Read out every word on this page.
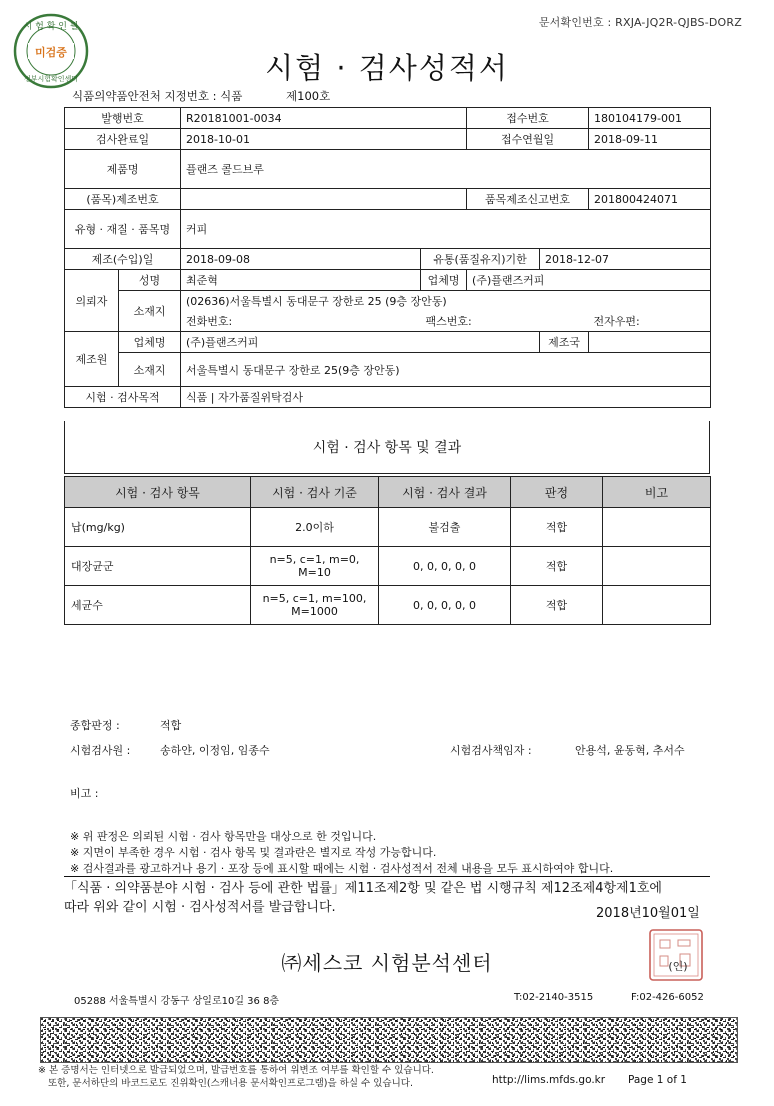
문서확인번호 : RXJA-JQ2R-QJBS-DORZ
미검증
시 험 확 인 필
정부시험확인센터	시험 · 검사성적서
식품의약품안전처 지정번호 : 식품	제100호
발행번호		R20181001-0034		접수번호		180104179-001
검사완료일		2018-10-01		접수연월일		2018-09-11
제품명		플랜즈 콜드브루				
(품목)제조번호				품목제조신고번호		201800424071
유형 · 재질 · 품목명		커피				
제조(수입)일		2018-09-08	유통(품질유지)기한		2018-12-07	
의뢰자	성명	최준혁	업체명	(주)플랜즈커피		
	소재지	(02636)서울특별시 동대문구 장한로 25 (9층 장안동)				
		전화번호:	팩스번호:			전자우편:
제조원	업체명	(주)플랜즈커피			제조국	
	소재지	서울특별시 동대문구 장한로 25(9층 장안동)				
시험 · 검사목적		식품 | 자가품질위탁검사				
시험 · 검사 항목 및 결과
시험 · 검사 항목	시험 · 검사 기준	시험 · 검사 결과	판정	비고
납(mg/kg)	2.0이하	불검출	적합	
대장균군	n=5, c=1, m=0, M=10	0, 0, 0, 0, 0	적합	
세균수	n=5, c=1, m=100, M=1000	0, 0, 0, 0, 0	적합	
종합판정 :	적합
시험검사원 :	송하얀, 이정임, 임종수	시험검사책임자 :	안용석, 윤동혁, 추서수
비고 :
※ 위 판정은 의뢰된 시험 · 검사 항목만을 대상으로 한 것입니다.
※ 지면이 부족한 경우 시험 · 검사 항목 및 결과란은 별지로 작성 가능합니다.
※ 검사결과를 광고하거나 용기 · 포장 등에 표시할 때에는 시험 · 검사성적서 전체 내용을 모두 표시하여야 합니다.
「식품 · 의약품분야 시험 · 검사 등에 관한 법률」제11조제2항 및 같은 법 시행규칙 제12조제4항제1호에
따라 위와 같이 시험 · 검사성적서를 발급합니다.	2018년10월01일
㈜세스코 시험분석센터	(인)
05288 서울특별시 강동구 상일로10길 36 8층	T:02-2140-3515	F:02-426-6052
※ 본 증명서는 인터넷으로 발급되었으며, 발급번호를 통하여 위변조 여부를 확인할 수 있습니다.
또한, 문서하단의 바코드로도 진위확인(스캐너용 문서확인프로그램)을 하실 수 있습니다.	http://lims.mfds.go.kr Page 1 of 1
